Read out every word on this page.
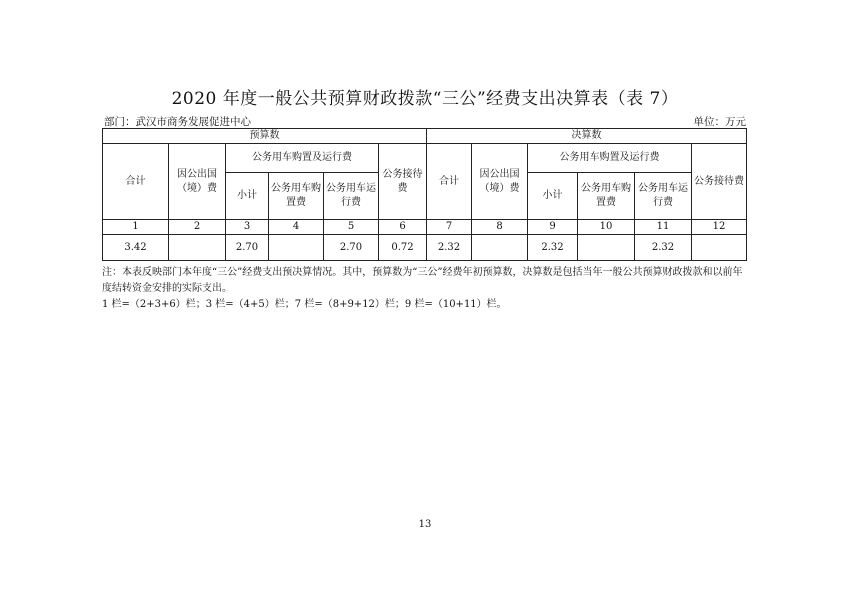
2020 年度一般公共预算财政拨款“三公”经费支出决算表（表 7）
部门：武汉市商务发展促进中心	单位：万元
预算数						决算数					
合计	因公出国（境）费	公务用车购置及运行费			公务接待费	合计	因公出国（境）费	公务用车购置及运行费			公务接待费
		小计	公务用车购置费	公务用车运行费				小计	公务用车购置费	公务用车运行费	
1	2	3	4	5	6	7	8	9	10	11	12
3.42		2.70		2.70	0.72	2.32		2.32		2.32	
注：本表反映部门本年度“三公”经费支出预决算情况。其中，预算数为“三公”经费年初预算数，决算数是包括当年一般公共预算财政拨款和以前年度结转资金安排的实际支出。
1 栏=（2+3+6）栏；3 栏=（4+5）栏；7 栏=（8+9+12）栏；9 栏=（10+11）栏。
13
